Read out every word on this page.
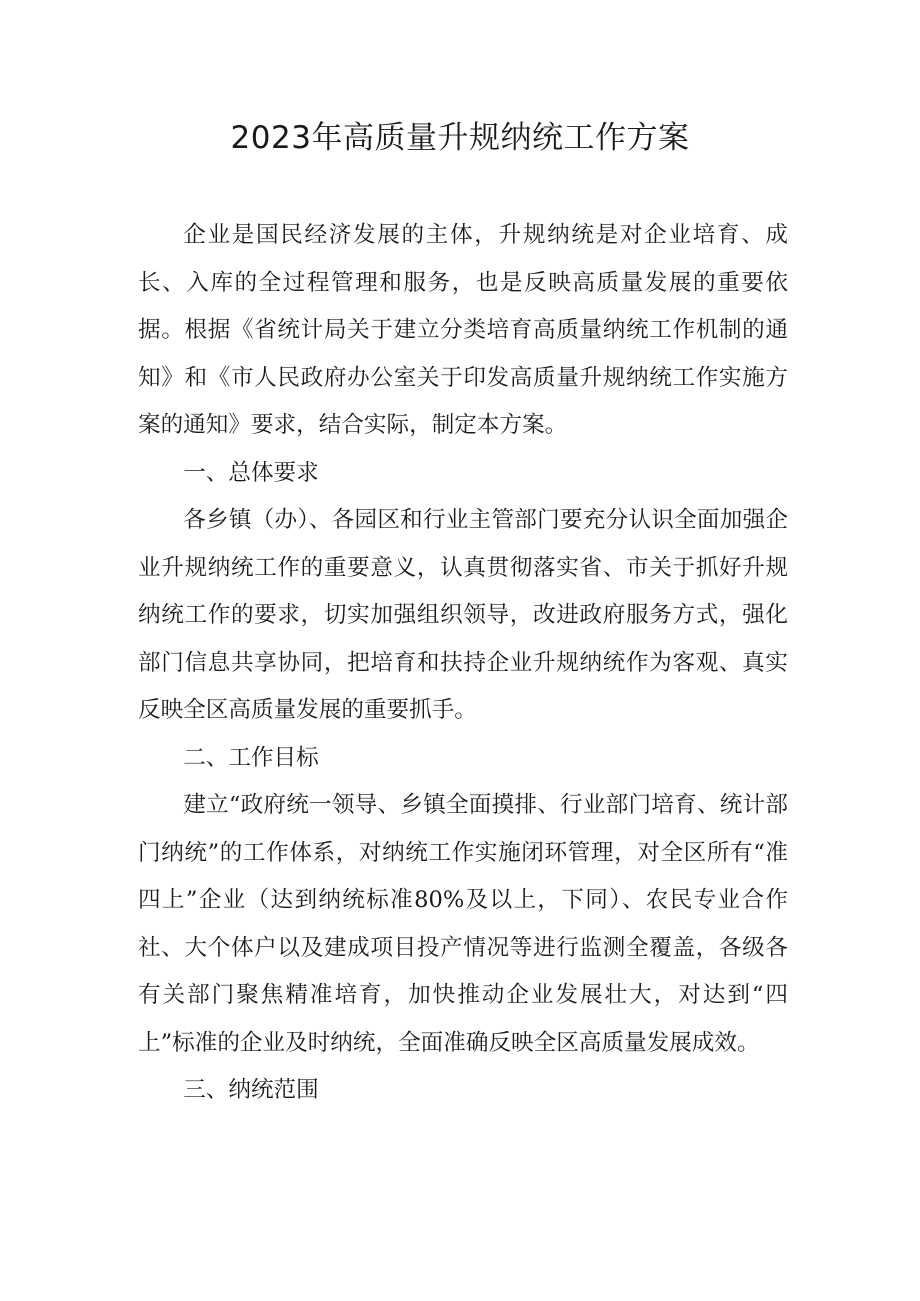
2023年高质量升规纳统工作方案

企业是国民经济发展的主体，升规纳统是对企业培育、成长、入库的全过程管理和服务，也是反映高质量发展的重要依据。根据《省统计局关于建立分类培育高质量纳统工作机制的通知》和《市人民政府办公室关于印发高质量升规纳统工作实施方案的通知》要求，结合实际，制定本方案。

一、总体要求

各乡镇（办）、各园区和行业主管部门要充分认识全面加强企业升规纳统工作的重要意义，认真贯彻落实省、市关于抓好升规纳统工作的要求，切实加强组织领导，改进政府服务方式，强化部门信息共享协同，把培育和扶持企业升规纳统作为客观、真实反映全区高质量发展的重要抓手。

二、工作目标

建立“政府统一领导、乡镇全面摸排、行业部门培育、统计部门纳统”的工作体系，对纳统工作实施闭环管理，对全区所有“准四上”企业（达到纳统标准80%及以上，下同）、农民专业合作社、大个体户以及建成项目投产情况等进行监测全覆盖，各级各有关部门聚焦精准培育，加快推动企业发展壮大，对达到“四上”标准的企业及时纳统，全面准确反映全区高质量发展成效。

三、纳统范围
